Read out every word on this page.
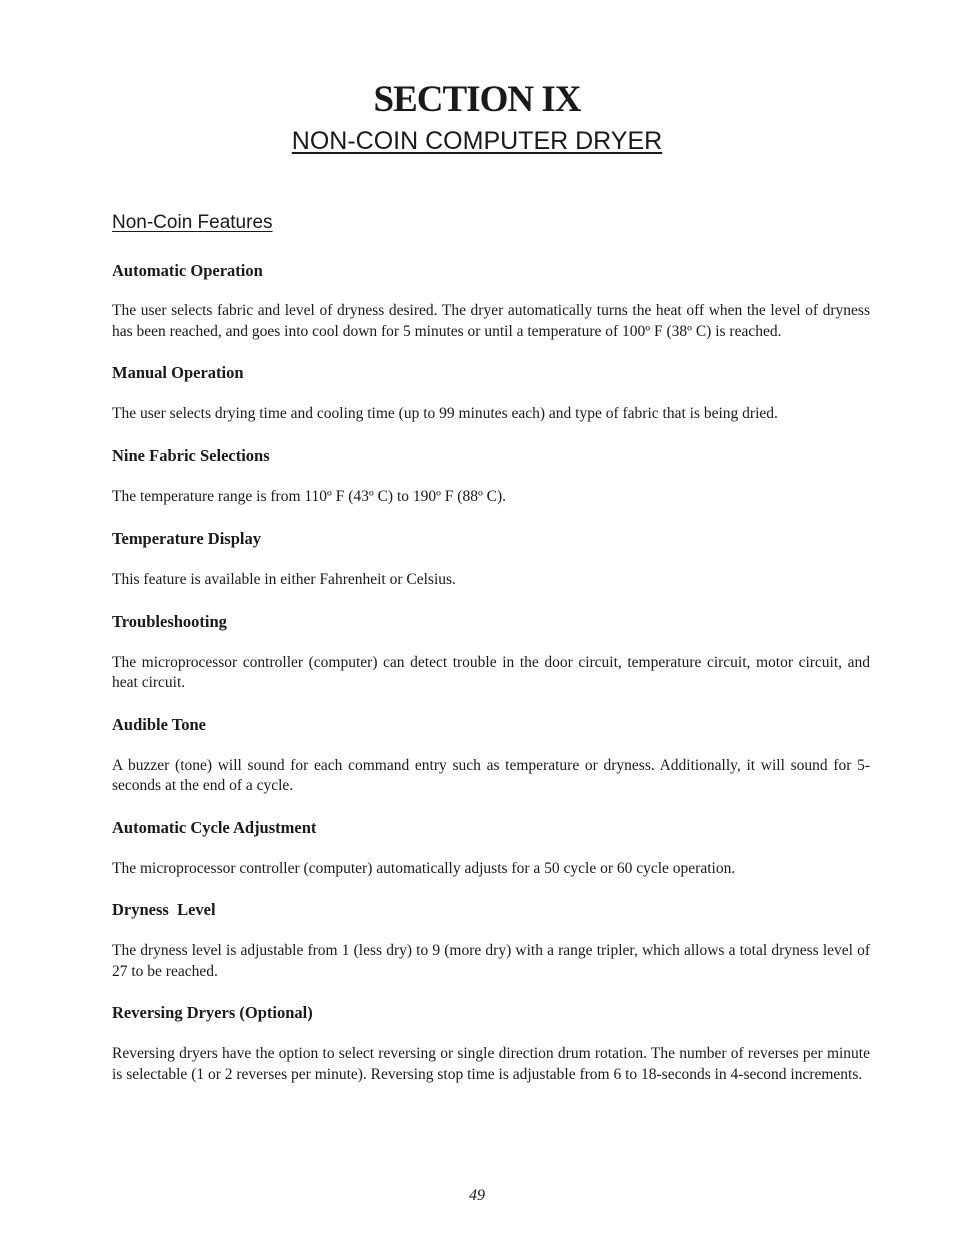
SECTION IX
NON-COIN COMPUTER DRYER

Non-Coin Features

Automatic Operation

The user selects fabric and level of dryness desired. The dryer automatically turns the heat off when the level of dryness has been reached, and goes into cool down for 5 minutes or until a temperature of 100º F (38º C) is reached.

Manual Operation

The user selects drying time and cooling time (up to 99 minutes each) and type of fabric that is being dried.

Nine Fabric Selections

The temperature range is from 110º F (43º C) to 190º F (88º C).

Temperature Display

This feature is available in either Fahrenheit or Celsius.

Troubleshooting

The microprocessor controller (computer) can detect trouble in the door circuit, temperature circuit, motor circuit, and heat circuit.

Audible Tone

A buzzer (tone) will sound for each command entry such as temperature or dryness. Additionally, it will sound for 5-seconds at the end of a cycle.

Automatic Cycle Adjustment

The microprocessor controller (computer) automatically adjusts for a 50 cycle or 60 cycle operation.

Dryness  Level

The dryness level is adjustable from 1 (less dry) to 9 (more dry) with a range tripler, which allows a total dryness level of 27 to be reached.

Reversing Dryers (Optional)

Reversing dryers have the option to select reversing or single direction drum rotation. The number of reverses per minute is selectable (1 or 2 reverses per minute). Reversing stop time is adjustable from 6 to 18-seconds in 4-second increments.

49
